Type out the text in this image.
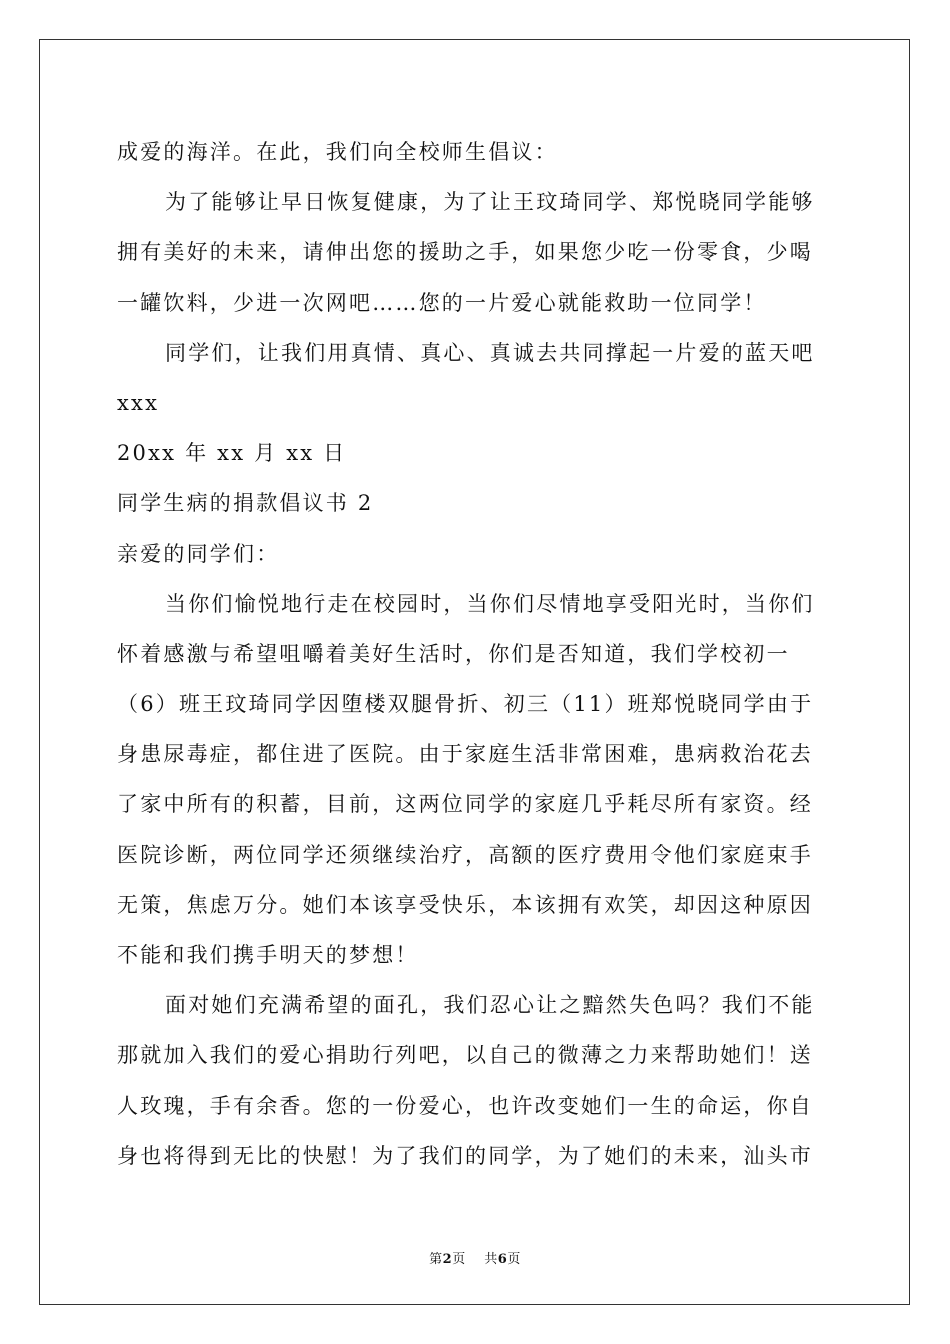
成爱的海洋。在此，我们向全校师生倡议：
为了能够让早日恢复健康，为了让王玟琦同学、郑悦晓同学能够
拥有美好的未来，请伸出您的援助之手，如果您少吃一份零食，少喝
一罐饮料，少进一次网吧……您的一片爱心就能救助一位同学！
同学们，让我们用真情、真心、真诚去共同撑起一片爱的蓝天吧
xxx
20xx 年 xx 月 xx 日
同学生病的捐款倡议书 2
亲爱的同学们：
当你们愉悦地行走在校园时，当你们尽情地享受阳光时，当你们
怀着感激与希望咀嚼着美好生活时，你们是否知道，我们学校初一
（6）班王玟琦同学因堕楼双腿骨折、初三（11）班郑悦晓同学由于
身患尿毒症，都住进了医院。由于家庭生活非常困难，患病救治花去
了家中所有的积蓄，目前，这两位同学的家庭几乎耗尽所有家资。经
医院诊断，两位同学还须继续治疗，高额的医疗费用令他们家庭束手
无策，焦虑万分。她们本该享受快乐，本该拥有欢笑，却因这种原因
不能和我们携手明天的梦想！
面对她们充满希望的面孔，我们忍心让之黯然失色吗？我们不能
那就加入我们的爱心捐助行列吧，以自己的微薄之力来帮助她们！送
人玫瑰，手有余香。您的一份爱心，也许改变她们一生的命运，你自
身也将得到无比的快慰！为了我们的同学，为了她们的未来，汕头市
第2页 共6页
